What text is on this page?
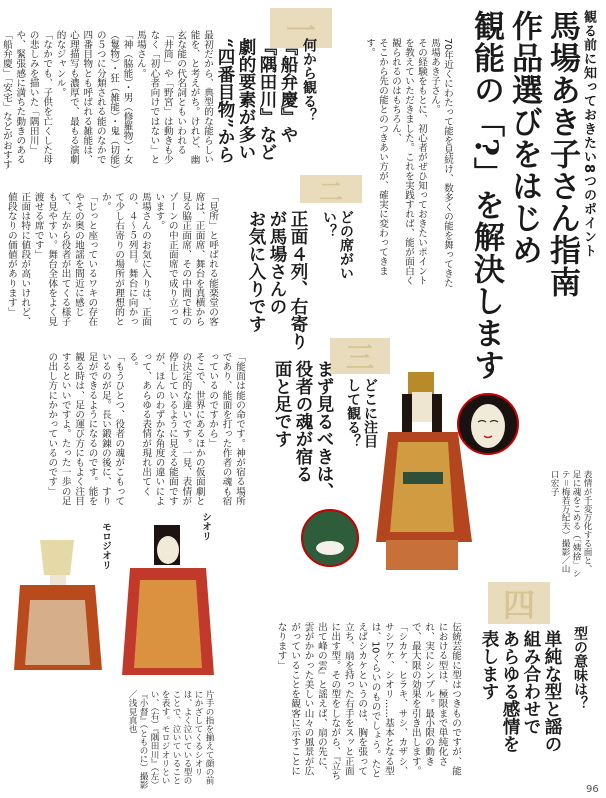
観る前に知っておきたい8つのポイント
馬場あき子さん指南
作品選びをはじめ
観能の「?」を解決します
70年近くにわたって能を見続け、数多くの能を舞ってきた馬場あき子さん。
その経験をもとに、初心者がぜひ知っておきたいポイントを教えていただきました。これを実践すれば、能が面白く観られるのはもちろん、
そこから先の能とのつきあい方が、確実に変わってきます。
一
何から観る？
『船弁慶』や
『隅田川』など
劇的要素が多い
“四番目物”から
最初だから、典型的な能らしい能を、と考えがち。けれど、幽玄な能の代名詞ともいわれる「井筒」や「野宮」は動きも少なく「初心者向けではない」と馬場さん。
「神（脇能）・男（修羅物）・女（鬘物）・狂（雑能）・鬼（切能）の５つに分類される能のなかで四番目物とも呼ばれる雑能は、心理描写も濃厚で、最もる演劇的なジャンル。
「なかでも、子供を亡くした母の悲しみを描いた「隅田川」や、緊張感に満ちた動きのある「船弁慶」「安宅」などがおすす
二
どの席がいい？
正面４列、右寄り
が馬場さんの
お気に入りです
「見所」と呼ばれる能楽堂の客席は、正面席、舞台を真横から見る脇正面席、その中間で柱のゾーンの中正面席で成り立っています。
馬場さんのお気に入りは、正面の、４〜５列目。舞台に向かって少し右寄りの場所が理想的とか。
「じっと座っているワキの存在やその奥の地謡を間近に感じて、左から役者が出てくる様子も見やすい。舞台全体をよく見渡せる席です」
正面は特に値段が高いけれど、値段なりの価値があります」
三
どこに注目して観る？
まず見るべきは、
役者の魂が宿る
面と足です
「能面は能の命です。神が宿る場所であり、能面を打った作者の魂も宿っているのですから」
そこで、世界にあるほかの仮面劇との決定的な違いです。一見、表情が停止しているように見える能面ですが、ほんのわずかな角度の違いによって、あらゆる表情が現れ出てくる。
「もうひとつ、役者の魂がこもっているのが足。長い鍛錬の後に、すり足ができるようになるのです。能を観る時は、足の運び方にもよく注目するといいですよ。たった一歩の足の出し方にかかっているのです」
四
型の意味は？
単純な型と謡の
組み合わせで
あらゆる感情を
表します
伝統芸能に型はつきものですが、能における型は、極限まで単純化され、実にシンプル。最小限の動きで、最大限の効果を引き出します。
「シカケ、ヒラキ、サシ、カザシ、サシワケ、シオリ……基本となる型は、10くらいのものでしょう。たとえばシカケというのは、胸を張って立ち、扇を持った右手をスッと正面に出す型。その型をしながら、『立ち出て峰の雲』と謡えば、扇の先に、雲がかかった美しい山々の風景が広がっていることを観客に示すことになります」
表情が千変万化する面と、足に魂をこめる（「姨捨」シテ＝梅若万紀夫）撮影／山口宏子
モロジオリ	シオリ
片手の指を揃えて顔の前にかざしてくるシオリは、よく泣いている型のことで、泣いていることを表す。モロジオリといい、（右）『隅田川』（左）『小督』（とものに）撮影／浅見真也
96
